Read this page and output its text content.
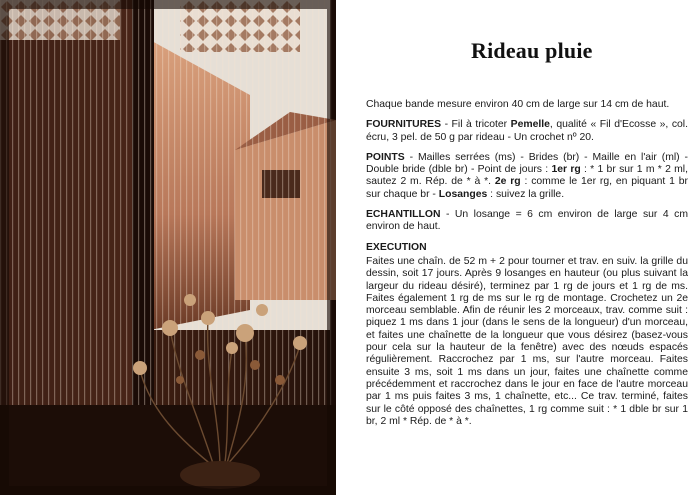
Rideau pluie

Chaque bande mesure environ 40 cm de large sur 14 cm de haut.

FOURNITURES - Fil à tricoter Pemelle, qualité « Fil d'Ecosse », col. écru, 3 pel. de 50 g par rideau - Un crochet nº 20.

POINTS - Mailles serrées (ms) - Brides (br) - Maille en l'air (ml) - Double bride (dble br) - Point de jours : 1er rg : * 1 br sur 1 m * 2 ml, sautez 2 m. Rép. de * à *. 2e rg : comme le 1er rg, en piquant 1 br sur chaque br - Losanges : suivez la grille.

ECHANTILLON - Un losange = 6 cm environ de large sur 4 cm environ de haut.

EXECUTION

Faites une chaîn. de 52 m + 2 pour tourner et trav. en suiv. la grille du dessin, soit 17 jours. Après 9 losanges en hauteur (ou plus suivant la largeur du rideau désiré), terminez par 1 rg de jours et 1 rg de ms. Faites également 1 rg de ms sur le rg de montage. Crochetez un 2e morceau semblable. Afin de réunir les 2 morceaux, trav. comme suit : piquez 1 ms dans 1 jour (dans le sens de la longueur) d'un morceau, et faites une chaînette de la longueur que vous désirez (basez-vous pour cela sur la hauteur de la fenêtre) avec des nœuds espacés régulièrement. Raccrochez par 1 ms, sur l'autre morceau. Faites ensuite 3 ms, soit 1 ms dans un jour, faites une chaînette comme précédemment et raccrochez dans le jour en face de l'autre morceau par 1 ms puis faites 3 ms, 1 chaînette, etc... Ce trav. terminé, faites sur le côté opposé des chaînettes, 1 rg comme suit : * 1 dble br sur 1 br, 2 ml * Rép. de * à *.
